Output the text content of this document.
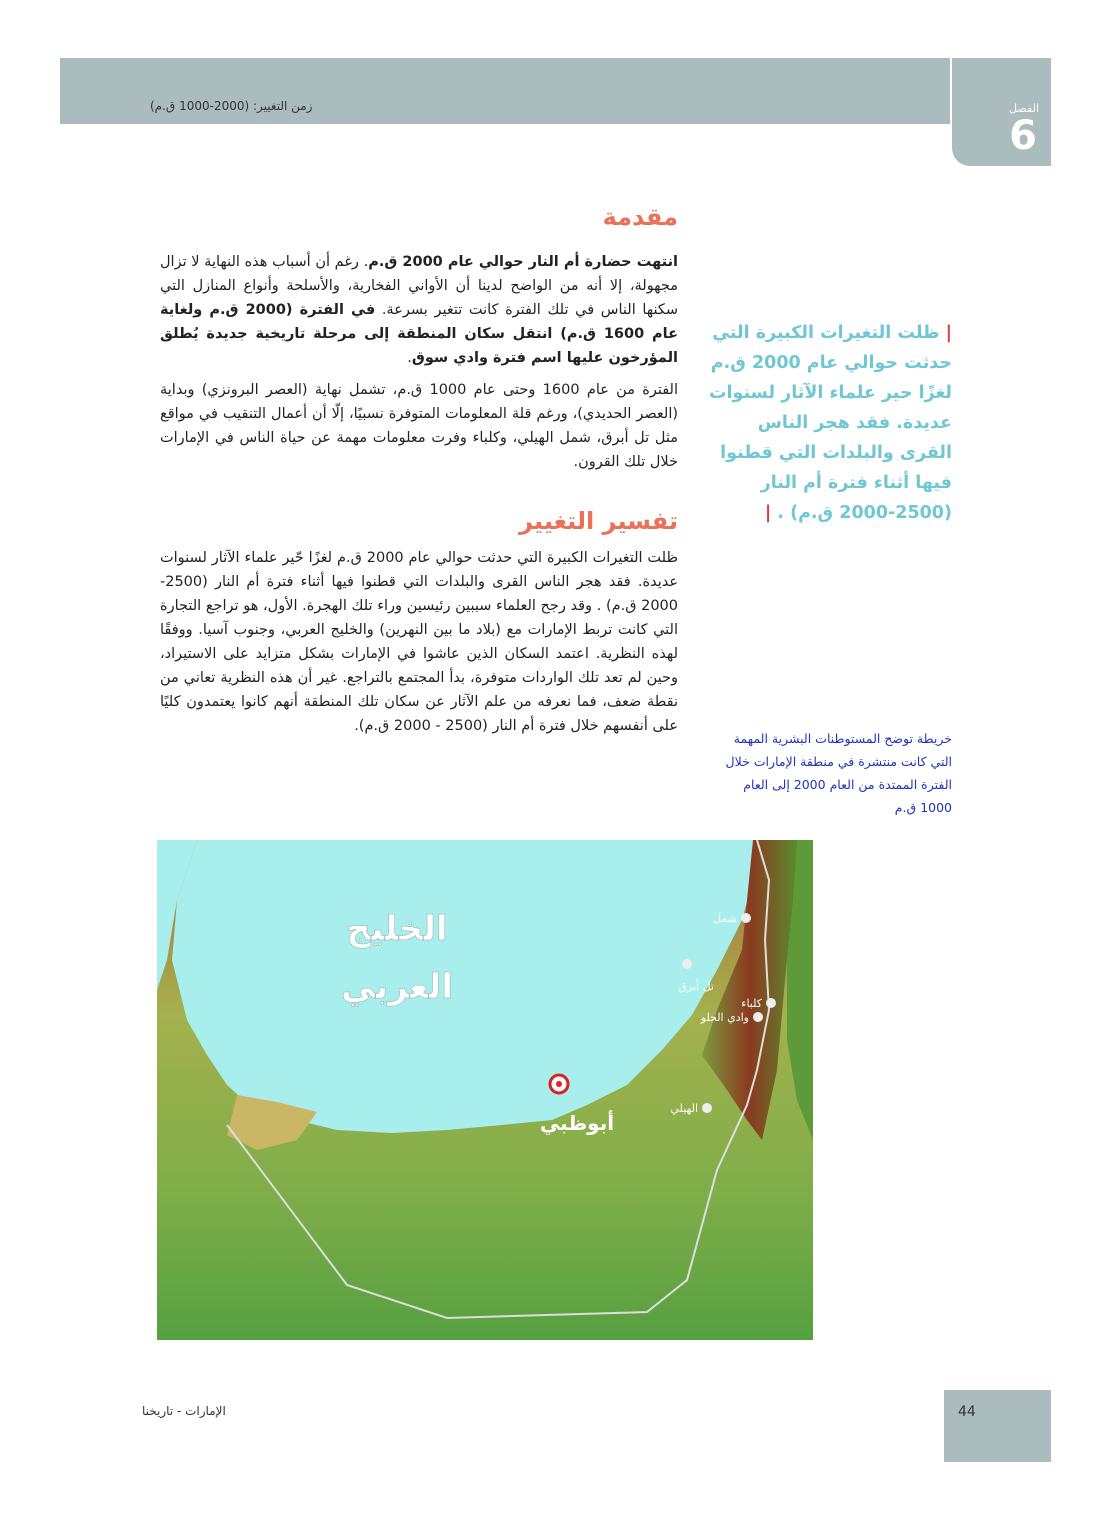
زمن التغيير: (2000-1000 ق.م)	الفصل
6
مقدمة
انتهت حضارة أم النار حوالي عام 2000 ق.م. رغم أن أسباب هذه النهاية لا تزال مجهولة، إلا أنه من الواضح لدينا أن الأواني الفخارية، والأسلحة وأنواع المنازل التي سكنها الناس في تلك الفترة كانت تتغير بسرعة. في الفترة (2000 ق.م ولغاية عام 1600 ق.م) انتقل سكان المنطقة إلى مرحلة تاريخية جديدة يُطلق المؤرخون عليها اسم فترة وادي سوق.
الفترة من عام 1600 وحتى عام 1000 ق.م، تشمل نهاية (العصر البرونزي) وبداية (العصر الحديدي)، ورغم قلة المعلومات المتوفرة نسبيًا، إلّا أن أعمال التنقيب في مواقع مثل تل أبرق، شمل الهيلي، وكلباء وفرت معلومات مهمة عن حياة الناس في الإمارات خلال تلك القرون.
تفسير التغيير
ظلت التغيرات الكبيرة التي حدثت حوالي عام 2000 ق.م لغزًا حّير علماء الآثار لسنوات عديدة. فقد هجر الناس القرى والبلدات التي قطنوا فيها أثناء فترة أم النار (2500-2000 ق.م) . وقد رجح العلماء سببين رئيسين وراء تلك الهجرة. الأول، هو تراجع التجارة التي كانت تربط الإمارات مع (بلاد ما بين النهرين) والخليج العربي، وجنوب آسيا. ووفقًا لهذه النظرية. اعتمد السكان الذين عاشوا في الإمارات بشكل متزايد على الاستيراد، وحين لم تعد تلك الواردات متوفرة، بدأ المجتمع بالتراجع. غير أن هذه النظرية تعاني من نقطة ضعف، فما نعرفه من علم الآثار عن سكان تلك المنطقة أنهم كانوا يعتمدون كليًا على أنفسهم خلال فترة أم النار (2500 - 2000 ق.م).
| ظلت التغيرات الكبيرة التي حدثت حوالي عام 2000 ق.م لغزًا حير علماء الآثار لسنوات عديدة. فقد هجر الناس القرى والبلدات التي قطنوا فيها أثناء فترة أم النار (2500-2000 ق.م) . |
خريطة توضح المستوطنات البشرية المهمة التي كانت منتشرة في منطقة الإمارات خلال الفترة الممتدة من العام 2000 إلى العام 1000 ق.م
الخليج
العربي
أبوظبي
شمل
تل أبرق
كلباء
وادي الحلو
الهيلي
44
الإمارات - تاريخنا
